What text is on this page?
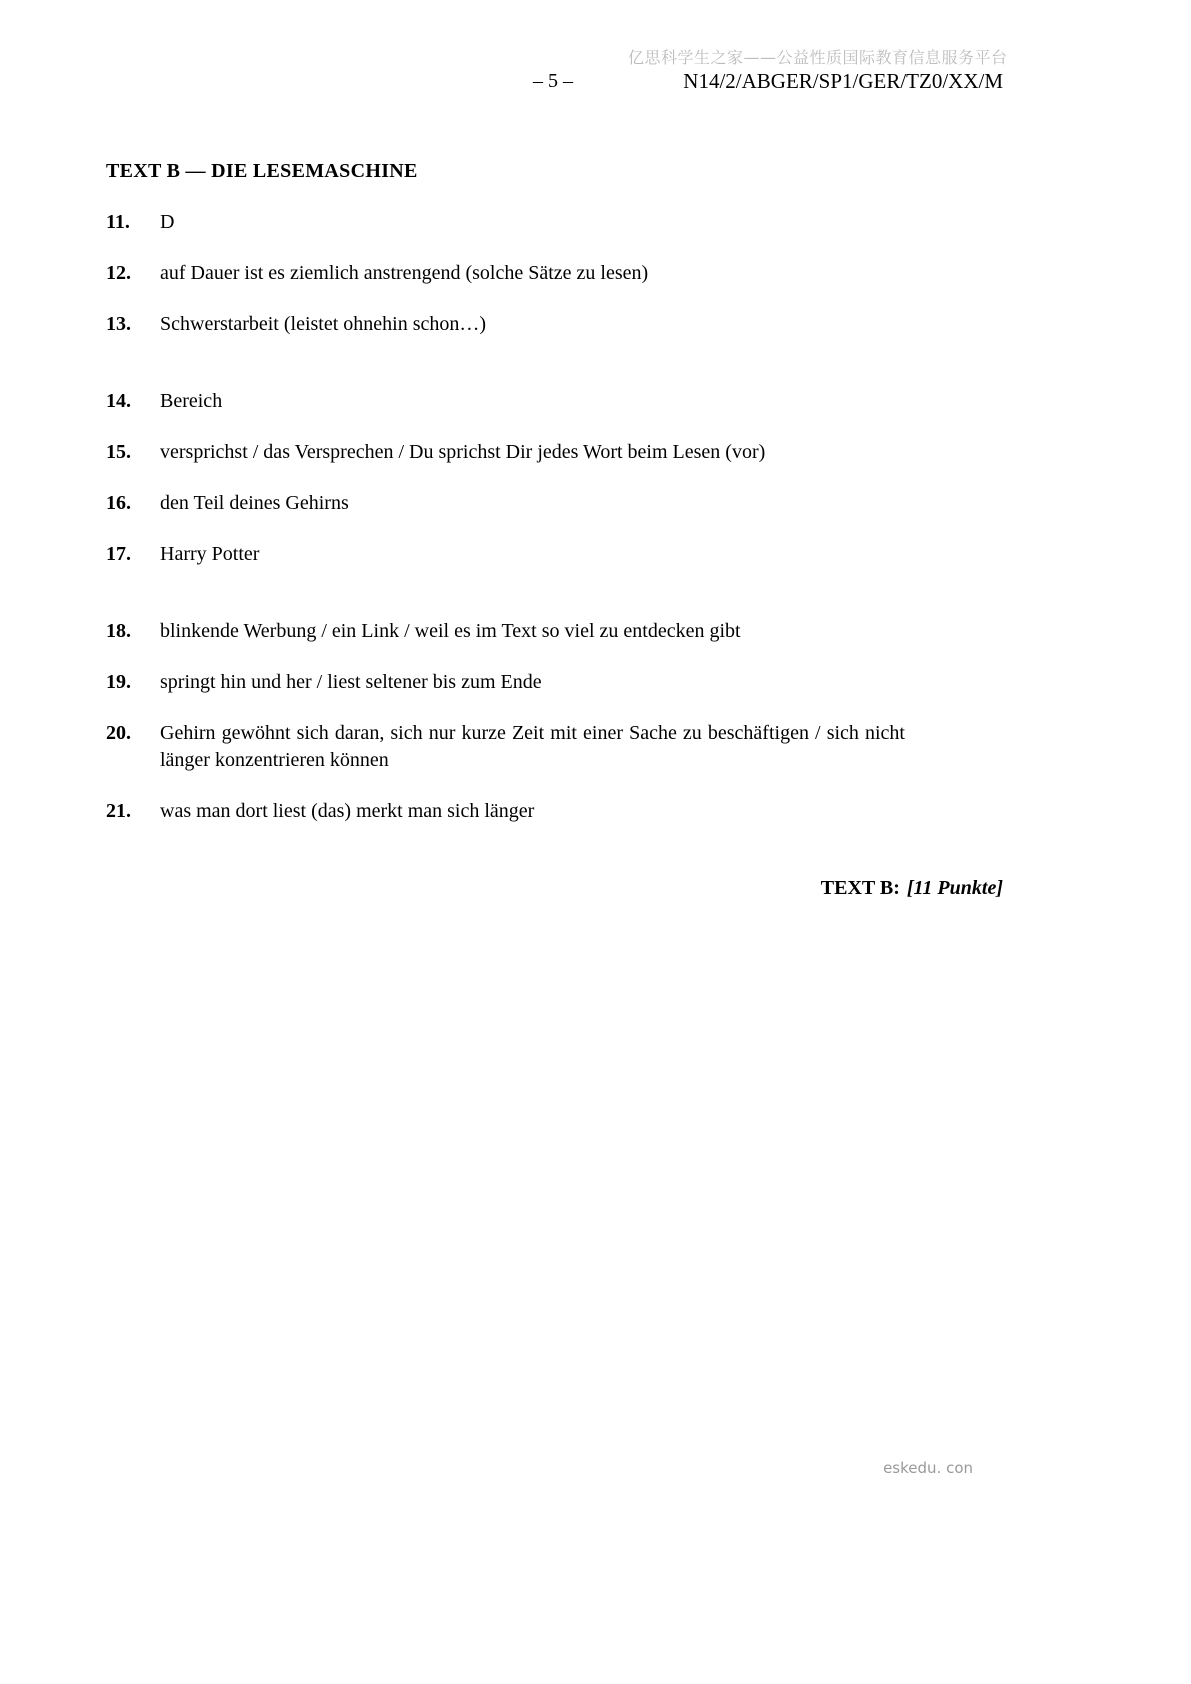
亿思科学生之家——公益性质国际教育信息服务平台
– 5 –	N14/2/ABGER/SP1/GER/TZ0/XX/M
TEXT B — DIE LESEMASCHINE
11.	D
12.	auf Dauer ist es ziemlich anstrengend (solche Sätze zu lesen)
13.	Schwerstarbeit (leistet ohnehin schon…)
14.	Bereich
15.	versprichst / das Versprechen / Du sprichst Dir jedes Wort beim Lesen (vor)
16.	den Teil deines Gehirns
17.	Harry Potter
18.	blinkende Werbung / ein Link / weil es im Text so viel zu entdecken gibt
19.	springt hin und her / liest seltener bis zum Ende
20.	Gehirn gewöhnt sich daran, sich nur kurze Zeit mit einer Sache zu beschäftigen / sich nicht länger konzentrieren können
21.	was man dort liest (das) merkt man sich länger
TEXT B: [11 Punkte]
eskedu. con
